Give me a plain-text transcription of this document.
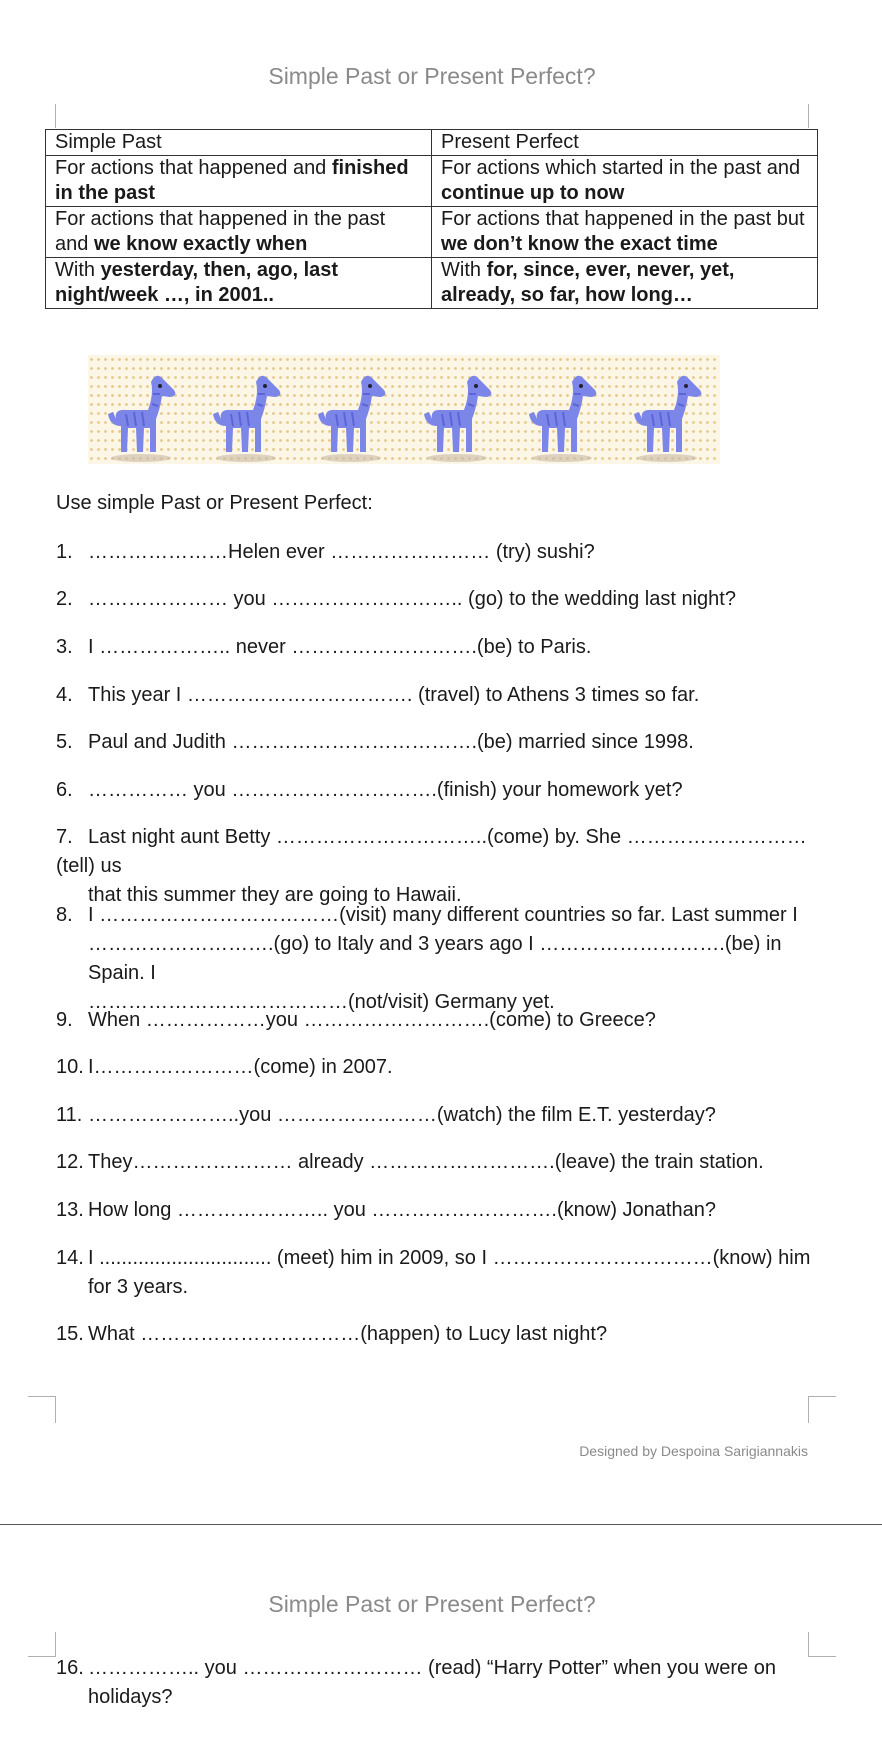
Simple Past or Present Perfect?
Simple Past	Present Perfect
For actions that happened and finished in the past	For actions which started in the past and continue up to now
For actions that happened in the past and we know exactly when	For actions that happened in the past but we don’t know the exact time
With yesterday, then, ago, last night/week …, in 2001..	With for, since, ever, never, yet, already, so far, how long…
Use simple Past or Present Perfect:
1. …………………Helen ever …………………… (try) sushi?
2. ………………… you ……………………….. (go) to the wedding last night?
3. I ……………….. never ……………………….(be) to Paris.
4. This year I ……………………………. (travel) to Athens 3 times so far.
5. Paul and Judith ……………………………….(be) married since 1998.
6. …………… you ………………………….(finish) your homework yet?
7. Last night aunt Betty …………………………..(come) by. She ………………………(tell) us
that this summer they are going to Hawaii.
8. I ………………………………(visit) many different countries so far. Last summer I
……………………….(go) to Italy and 3 years ago I ……………………….(be) in Spain. I
…………………………………(not/visit) Germany yet.
9. When ………………you ……………………….(come) to Greece?
10. I……………………(come) in 2007.
11. …………………..you ……………………(watch) the film E.T. yesterday?
12. They…………………… already ……………………….(leave) the train station.
13. How long ………………….. you ……………………….(know) Jonathan?
14. I ............................... (meet) him in 2009, so I ……………………………(know) him
for 3 years.
15. What ……………………………(happen) to Lucy last night?
Designed by Despoina Sarigiannakis
Simple Past or Present Perfect?
16. …………….. you ……………………… (read) “Harry Potter” when you were on
holidays?
